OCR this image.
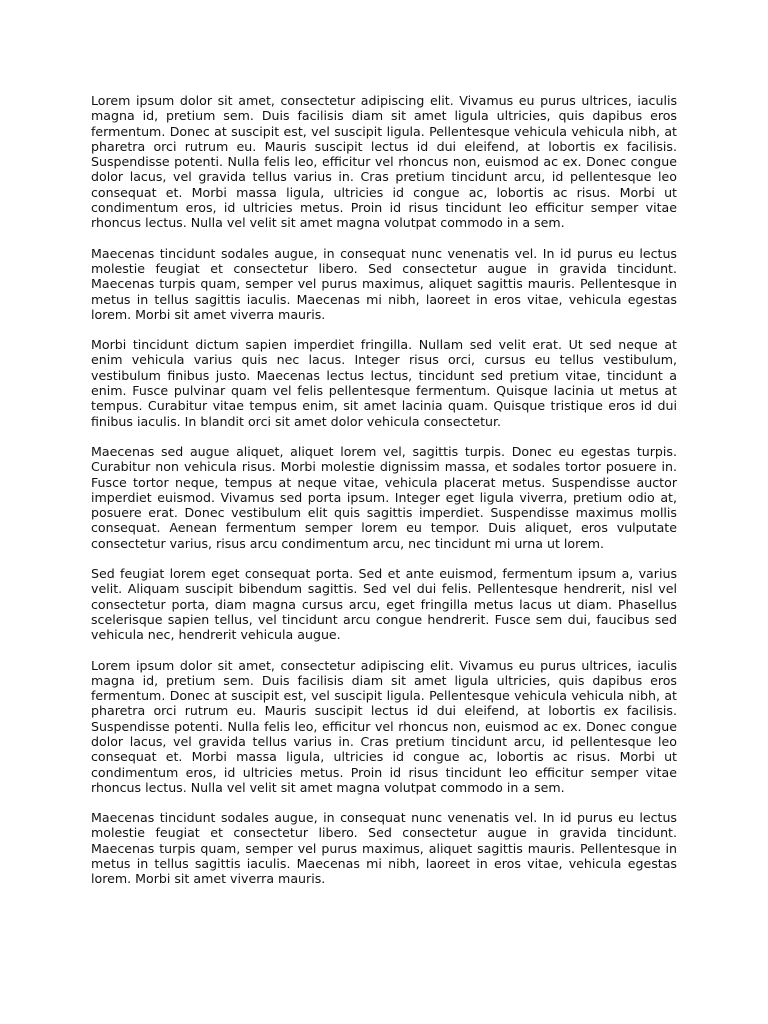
Lorem ipsum dolor sit amet, consectetur adipiscing elit. Vivamus eu purus ultrices, iaculis magna id, pretium sem. Duis facilisis diam sit amet ligula ultricies, quis dapibus eros fermentum. Donec at suscipit est, vel suscipit ligula. Pellentesque vehicula vehicula nibh, at pharetra orci rutrum eu. Mauris suscipit lectus id dui eleifend, at lobortis ex facilisis. Suspendisse potenti. Nulla felis leo, efficitur vel rhoncus non, euismod ac ex. Donec congue dolor lacus, vel gravida tellus varius in. Cras pretium tincidunt arcu, id pellentesque leo consequat et. Morbi massa ligula, ultricies id congue ac, lobortis ac risus. Morbi ut condimentum eros, id ultricies metus. Proin id risus tincidunt leo efficitur semper vitae rhoncus lectus. Nulla vel velit sit amet magna volutpat commodo in a sem.

Maecenas tincidunt sodales augue, in consequat nunc venenatis vel. In id purus eu lectus molestie feugiat et consectetur libero. Sed consectetur augue in gravida tincidunt. Maecenas turpis quam, semper vel purus maximus, aliquet sagittis mauris. Pellentesque in metus in tellus sagittis iaculis. Maecenas mi nibh, laoreet in eros vitae, vehicula egestas lorem. Morbi sit amet viverra mauris.

Morbi tincidunt dictum sapien imperdiet fringilla. Nullam sed velit erat. Ut sed neque at enim vehicula varius quis nec lacus. Integer risus orci, cursus eu tellus vestibulum, vestibulum finibus justo. Maecenas lectus lectus, tincidunt sed pretium vitae, tincidunt a enim. Fusce pulvinar quam vel felis pellentesque fermentum. Quisque lacinia ut metus at tempus. Curabitur vitae tempus enim, sit amet lacinia quam. Quisque tristique eros id dui finibus iaculis. In blandit orci sit amet dolor vehicula consectetur.

Maecenas sed augue aliquet, aliquet lorem vel, sagittis turpis. Donec eu egestas turpis. Curabitur non vehicula risus. Morbi molestie dignissim massa, et sodales tortor posuere in. Fusce tortor neque, tempus at neque vitae, vehicula placerat metus. Suspendisse auctor imperdiet euismod. Vivamus sed porta ipsum. Integer eget ligula viverra, pretium odio at, posuere erat. Donec vestibulum elit quis sagittis imperdiet. Suspendisse maximus mollis consequat. Aenean fermentum semper lorem eu tempor. Duis aliquet, eros vulputate consectetur varius, risus arcu condimentum arcu, nec tincidunt mi urna ut lorem.

Sed feugiat lorem eget consequat porta. Sed et ante euismod, fermentum ipsum a, varius velit. Aliquam suscipit bibendum sagittis. Sed vel dui felis. Pellentesque hendrerit, nisl vel consectetur porta, diam magna cursus arcu, eget fringilla metus lacus ut diam. Phasellus scelerisque sapien tellus, vel tincidunt arcu congue hendrerit. Fusce sem dui, faucibus sed vehicula nec, hendrerit vehicula augue.

Lorem ipsum dolor sit amet, consectetur adipiscing elit. Vivamus eu purus ultrices, iaculis magna id, pretium sem. Duis facilisis diam sit amet ligula ultricies, quis dapibus eros fermentum. Donec at suscipit est, vel suscipit ligula. Pellentesque vehicula vehicula nibh, at pharetra orci rutrum eu. Mauris suscipit lectus id dui eleifend, at lobortis ex facilisis. Suspendisse potenti. Nulla felis leo, efficitur vel rhoncus non, euismod ac ex. Donec congue dolor lacus, vel gravida tellus varius in. Cras pretium tincidunt arcu, id pellentesque leo consequat et. Morbi massa ligula, ultricies id congue ac, lobortis ac risus. Morbi ut condimentum eros, id ultricies metus. Proin id risus tincidunt leo efficitur semper vitae rhoncus lectus. Nulla vel velit sit amet magna volutpat commodo in a sem.

Maecenas tincidunt sodales augue, in consequat nunc venenatis vel. In id purus eu lectus molestie feugiat et consectetur libero. Sed consectetur augue in gravida tincidunt. Maecenas turpis quam, semper vel purus maximus, aliquet sagittis mauris. Pellentesque in metus in tellus sagittis iaculis. Maecenas mi nibh, laoreet in eros vitae, vehicula egestas lorem. Morbi sit amet viverra mauris.
